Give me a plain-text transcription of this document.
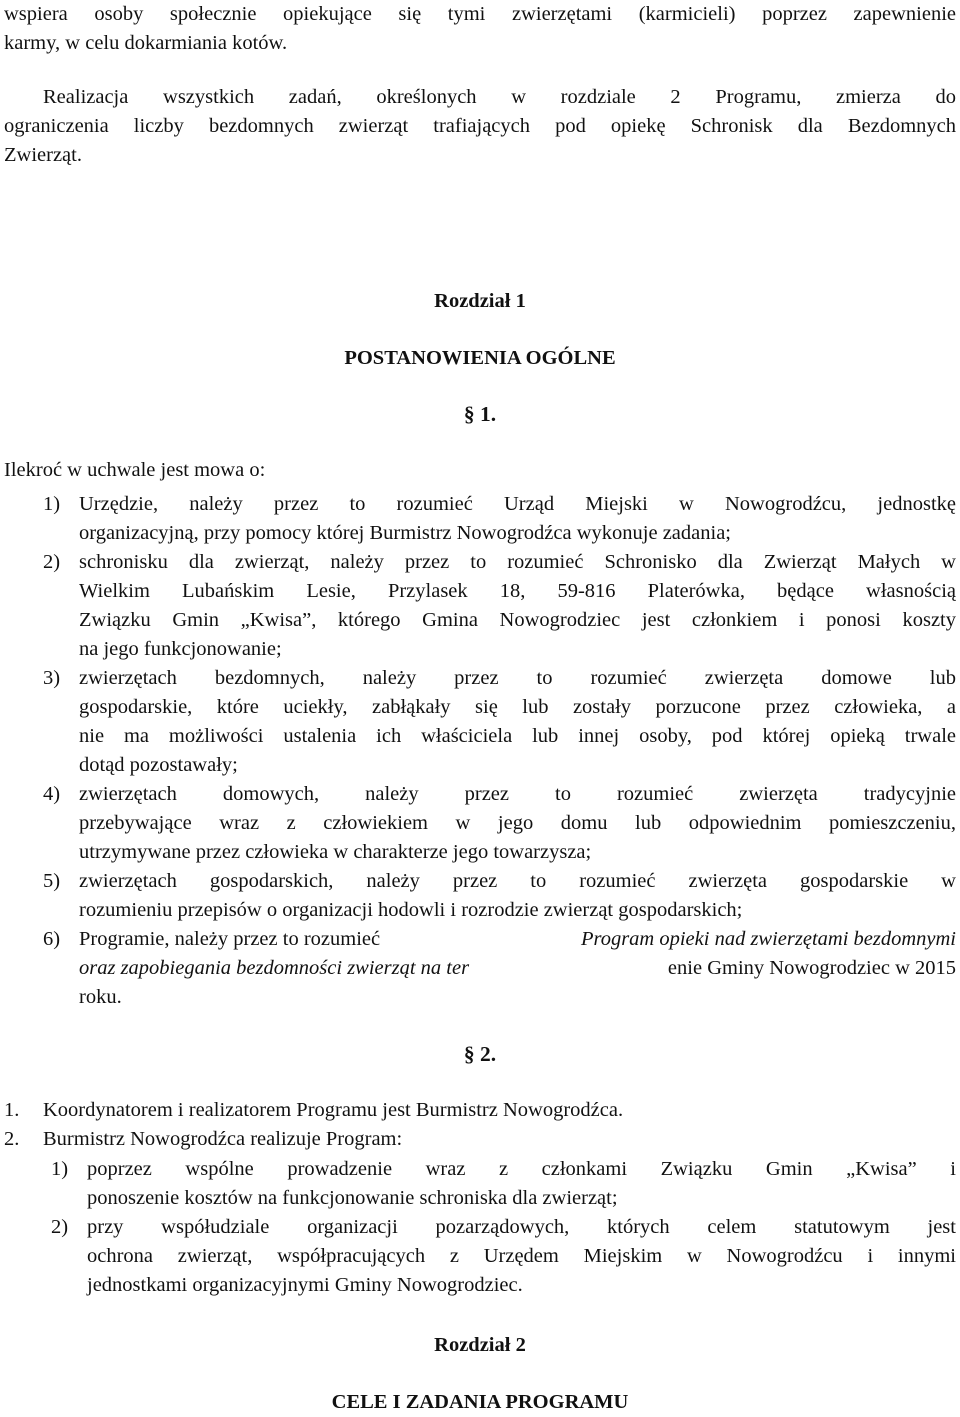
wspiera osoby społecznie opiekujące się tymi zwierzętami (karmicieli) poprzez zapewnienie
karmy, w celu dokarmiania kotów.
Realizacja wszystkich zadań, określonych w rozdziale 2 Programu, zmierza do
ograniczenia liczby bezdomnych zwierząt trafiających pod opiekę Schronisk dla Bezdomnych
Zwierząt.
Rozdział 1
POSTANOWIENIA OGÓLNE
§ 1.
Ilekroć w uchwale jest mowa o:
1) Urzędzie, należy przez to rozumieć Urząd Miejski w Nowogrodźcu, jednostkę
organizacyjną, przy pomocy której Burmistrz Nowogrodźca wykonuje zadania;
2) schronisku dla zwierząt, należy przez to rozumieć Schronisko dla Zwierząt Małych w
Wielkim Lubańskim Lesie, Przylasek 18, 59-816 Platerówka, będące własnością
Związku Gmin „Kwisa”, którego Gmina Nowogrodziec jest członkiem i ponosi koszty
na jego funkcjonowanie;
3) zwierzętach bezdomnych, należy przez to rozumieć zwierzęta domowe lub
gospodarskie, które uciekły, zabłąkały się lub zostały porzucone przez człowieka, a
nie ma możliwości ustalenia ich właściciela lub innej osoby, pod której opieką trwale
dotąd pozostawały;
4) zwierzętach domowych, należy przez to rozumieć zwierzęta tradycyjnie
przebywające wraz z człowiekiem w jego domu lub odpowiednim pomieszczeniu,
utrzymywane przez człowieka w charakterze jego towarzysza;
5) zwierzętach gospodarskich, należy przez to rozumieć zwierzęta gospodarskie w
rozumieniu przepisów o organizacji hodowli i rozrodzie zwierząt gospodarskich;
6) Programie, należy przez to rozumieć	Program opieki nad zwierzętami bezdomnymi
oraz zapobiegania bezdomności zwierząt na ter	enie Gminy Nowogrodziec w 2015
roku.
§ 2.
1. Koordynatorem i realizatorem Programu jest Burmistrz Nowogrodźca.
2. Burmistrz Nowogrodźca realizuje Program:
1) poprzez wspólne prowadzenie wraz z członkami Związku Gmin „Kwisa” i
ponoszenie kosztów na funkcjonowanie schroniska dla zwierząt;
2) przy współudziale organizacji pozarządowych, których celem statutowym jest
ochrona zwierząt, współpracujących z Urzędem Miejskim w Nowogrodźcu i innymi
jednostkami organizacyjnymi Gminy Nowogrodziec.
Rozdział 2
CELE I ZADANIA PROGRAMU
